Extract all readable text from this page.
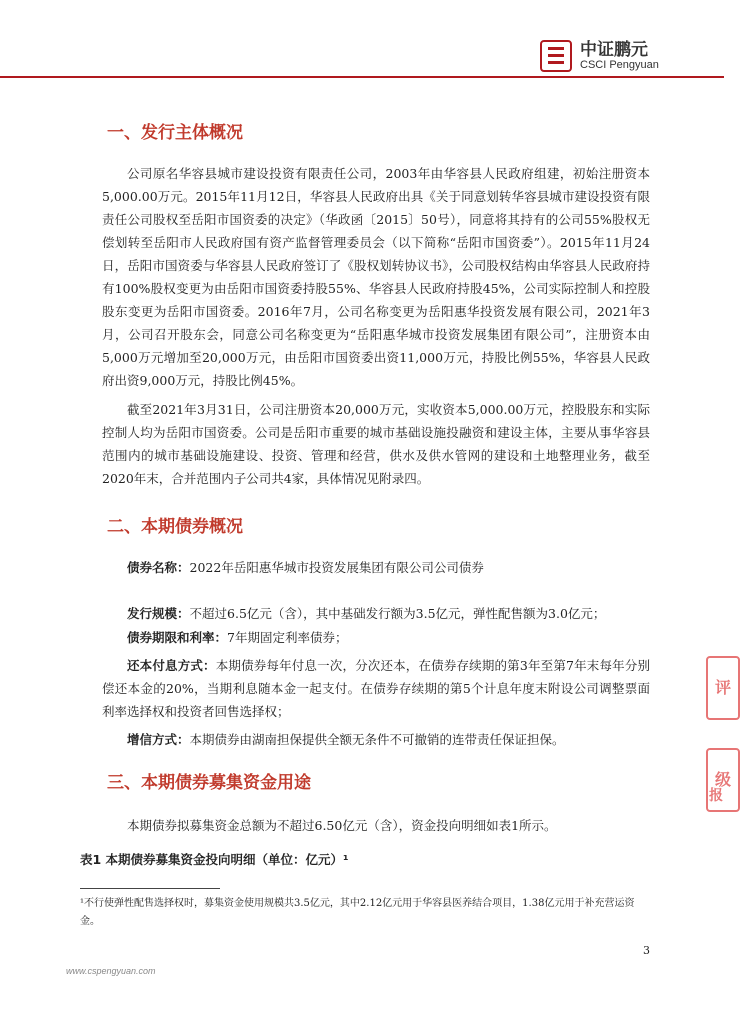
中证鹏元
CSCI Pengyuan
一、发行主体概况
公司原名华容县城市建设投资有限责任公司，2003年由华容县人民政府组建，初始注册资本5,000.00万元。2015年11月12日，华容县人民政府出具《关于同意划转华容县城市建设投资有限责任公司股权至岳阳市国资委的决定》（华政函〔2015〕50号），同意将其持有的公司55%股权无偿划转至岳阳市人民政府国有资产监督管理委员会（以下简称“岳阳市国资委”）。2015年11月24日，岳阳市国资委与华容县人民政府签订了《股权划转协议书》，公司股权结构由华容县人民政府持有100%股权变更为由岳阳市国资委持股55%、华容县人民政府持股45%，公司实际控制人和控股股东变更为岳阳市国资委。2016年7月，公司名称变更为岳阳惠华投资发展有限公司，2021年3月，公司召开股东会，同意公司名称变更为“岳阳惠华城市投资发展集团有限公司”，注册资本由5,000万元增加至20,000万元，由岳阳市国资委出资11,000万元，持股比例55%，华容县人民政府出资9,000万元，持股比例45%。
截至2021年3月31日，公司注册资本20,000万元，实收资本5,000.00万元，控股股东和实际控制人均为岳阳市国资委。公司是岳阳市重要的城市基础设施投融资和建设主体，主要从事华容县范围内的城市基础设施建设、投资、管理和经营，供水及供水管网的建设和土地整理业务，截至2020年末，合并范围内子公司共4家，具体情况见附录四。
二、本期债券概况
债券名称：2022年岳阳惠华城市投资发展集团有限公司公司债券
发行规模：不超过6.5亿元（含），其中基础发行额为3.5亿元，弹性配售额为3.0亿元；
债券期限和利率：7年期固定利率债券；
还本付息方式：本期债券每年付息一次，分次还本，在债券存续期的第3年至第7年末每年分别偿还本金的20%，当期利息随本金一起支付。在债券存续期的第5个计息年度末附设公司调整票面利率选择权和投资者回售选择权；
增信方式：本期债券由湖南担保提供全额无条件不可撤销的连带责任保证担保。
三、本期债券募集资金用途
本期债券拟募集资金总额为不超过6.50亿元（含），资金投向明细如表1所示。
表1 本期债券募集资金投向明细（单位：亿元）¹
¹不行使弹性配售选择权时，募集资金使用规模共3.5亿元，其中2.12亿元用于华容县医养结合项目，1.38亿元用于补充营运资金。
3
www.cspengyuan.com
评
级
报
